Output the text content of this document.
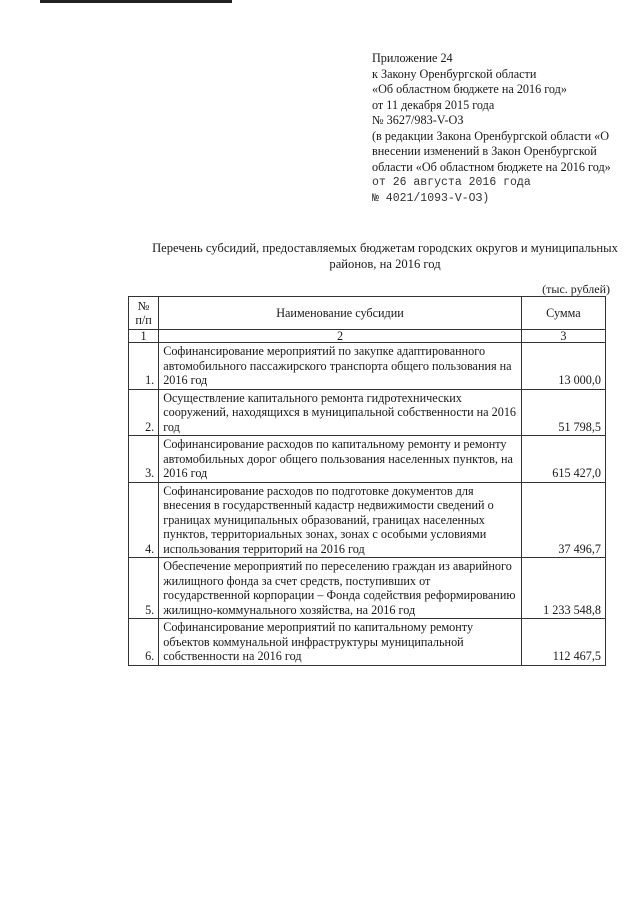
Приложение 24
к Закону Оренбургской области
«Об областном бюджете на 2016 год»
от 11 декабря 2015 года
№ 3627/983-V-ОЗ
(в редакции Закона Оренбургской области «О внесении изменений в Закон Оренбургской области «Об областном бюджете на 2016 год»
от 26 августа 2016 года
№ 4021/1093-V-ОЗ)
Перечень субсидий, предоставляемых бюджетам городских округов и муниципальных районов, на 2016 год
(тыс. рублей)
№ п/п	Наименование субсидии	Сумма
1	2	3
1.	Софинансирование мероприятий по закупке адаптированного автомобильного пассажирского транспорта общего пользования на 2016 год	13 000,0
2.	Осуществление капитального ремонта гидротехнических сооружений, находящихся в муниципальной собственности на 2016 год	51 798,5
3.	Софинансирование расходов по капитальному ремонту и ремонту автомобильных дорог общего пользования населенных пунктов, на 2016 год	615 427,0
4.	Софинансирование расходов по подготовке документов для внесения в государственный кадастр недвижимости сведений о границах муниципальных образований, границах населенных пунктов, территориальных зонах, зонах с особыми условиями использования территорий на 2016 год	37 496,7
5.	Обеспечение мероприятий по переселению граждан из аварийного жилищного фонда за счет средств, поступивших от государственной корпорации – Фонда содействия реформированию жилищно-коммунального хозяйства, на 2016 год	1 233 548,8
6.	Софинансирование мероприятий по капитальному ремонту объектов коммунальной инфраструктуры муниципальной собственности на 2016 год	112 467,5
